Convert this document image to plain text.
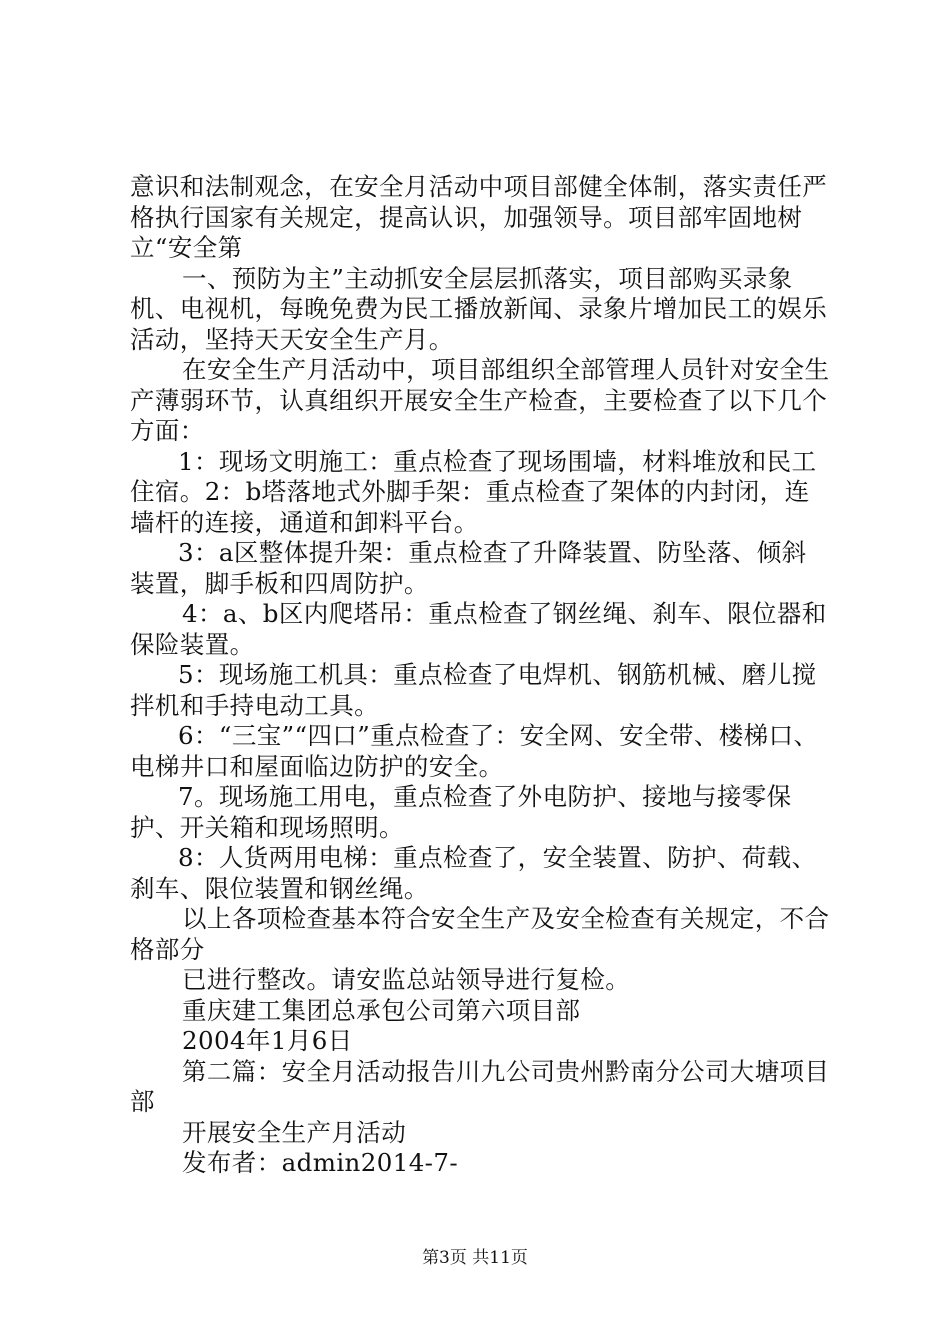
意识和法制观念，在安全月活动中项目部健全体制，落实责任严格执行国家有关规定，提高认识，加强领导。项目部牢固地树立“安全第

一、预防为主”主动抓安全层层抓落实，项目部购买录象机、电视机，每晚免费为民工播放新闻、录象片增加民工的娱乐活动，坚持天天安全生产月。

在安全生产月活动中，项目部组织全部管理人员针对安全生产薄弱环节，认真组织开展安全生产检查，主要检查了以下几个方面：

1：现场文明施工：重点检查了现场围墙，材料堆放和民工住宿。2：b塔落地式外脚手架：重点检查了架体的内封闭，连墙杆的连接，通道和卸料平台。

3：a区整体提升架：重点检查了升降装置、防坠落、倾斜装置，脚手板和四周防护。

4：a、b区内爬塔吊：重点检查了钢丝绳、刹车、限位器和保险装置。

5：现场施工机具：重点检查了电焊机、钢筋机械、磨儿搅拌机和手持电动工具。

6：“三宝”“四口”重点检查了：安全网、安全带、楼梯口、电梯井口和屋面临边防护的安全。

7。现场施工用电，重点检查了外电防护、接地与接零保护、开关箱和现场照明。

8：人货两用电梯：重点检查了，安全装置、防护、荷载、刹车、限位装置和钢丝绳。

以上各项检查基本符合安全生产及安全检查有关规定，不合格部分

已进行整改。请安监总站领导进行复检。

重庆建工集团总承包公司第六项目部

2004年1月6日

第二篇：安全月活动报告川九公司贵州黔南分公司大塘项目部

开展安全生产月活动

发布者：admin2014-7-

第3页 共11页
